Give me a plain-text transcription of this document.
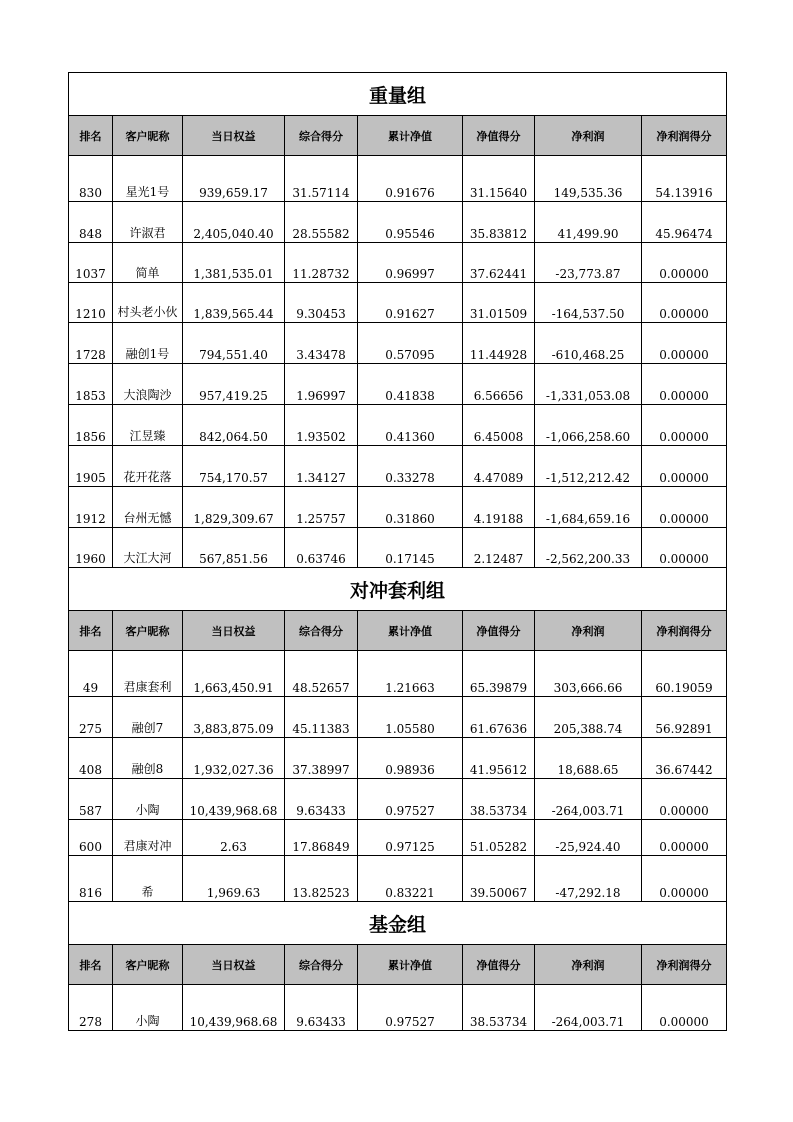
重量组							
排名	客户昵称	当日权益	综合得分	累计净值	净值得分	净利润	净利润得分
830	星光1号	939,659.17	31.57114	0.91676	31.15640	149,535.36	54.13916
848	许淑君	2,405,040.40	28.55582	0.95546	35.83812	41,499.90	45.96474
1037	简单	1,381,535.01	11.28732	0.96997	37.62441	-23,773.87	0.00000
1210	村头老小伙	1,839,565.44	9.30453	0.91627	31.01509	-164,537.50	0.00000
1728	融创1号	794,551.40	3.43478	0.57095	11.44928	-610,468.25	0.00000
1853	大浪陶沙	957,419.25	1.96997	0.41838	6.56656	-1,331,053.08	0.00000
1856	江昱臻	842,064.50	1.93502	0.41360	6.45008	-1,066,258.60	0.00000
1905	花开花落	754,170.57	1.34127	0.33278	4.47089	-1,512,212.42	0.00000
1912	台州无憾	1,829,309.67	1.25757	0.31860	4.19188	-1,684,659.16	0.00000
1960	大江大河	567,851.56	0.63746	0.17145	2.12487	-2,562,200.33	0.00000
对冲套利组							
排名	客户昵称	当日权益	综合得分	累计净值	净值得分	净利润	净利润得分
49	君康套利	1,663,450.91	48.52657	1.21663	65.39879	303,666.66	60.19059
275	融创7	3,883,875.09	45.11383	1.05580	61.67636	205,388.74	56.92891
408	融创8	1,932,027.36	37.38997	0.98936	41.95612	18,688.65	36.67442
587	小陶	10,439,968.68	9.63433	0.97527	38.53734	-264,003.71	0.00000
600	君康对冲	2.63	17.86849	0.97125	51.05282	-25,924.40	0.00000
816	希	1,969.63	13.82523	0.83221	39.50067	-47,292.18	0.00000
基金组							
排名	客户昵称	当日权益	综合得分	累计净值	净值得分	净利润	净利润得分
278	小陶	10,439,968.68	9.63433	0.97527	38.53734	-264,003.71	0.00000
